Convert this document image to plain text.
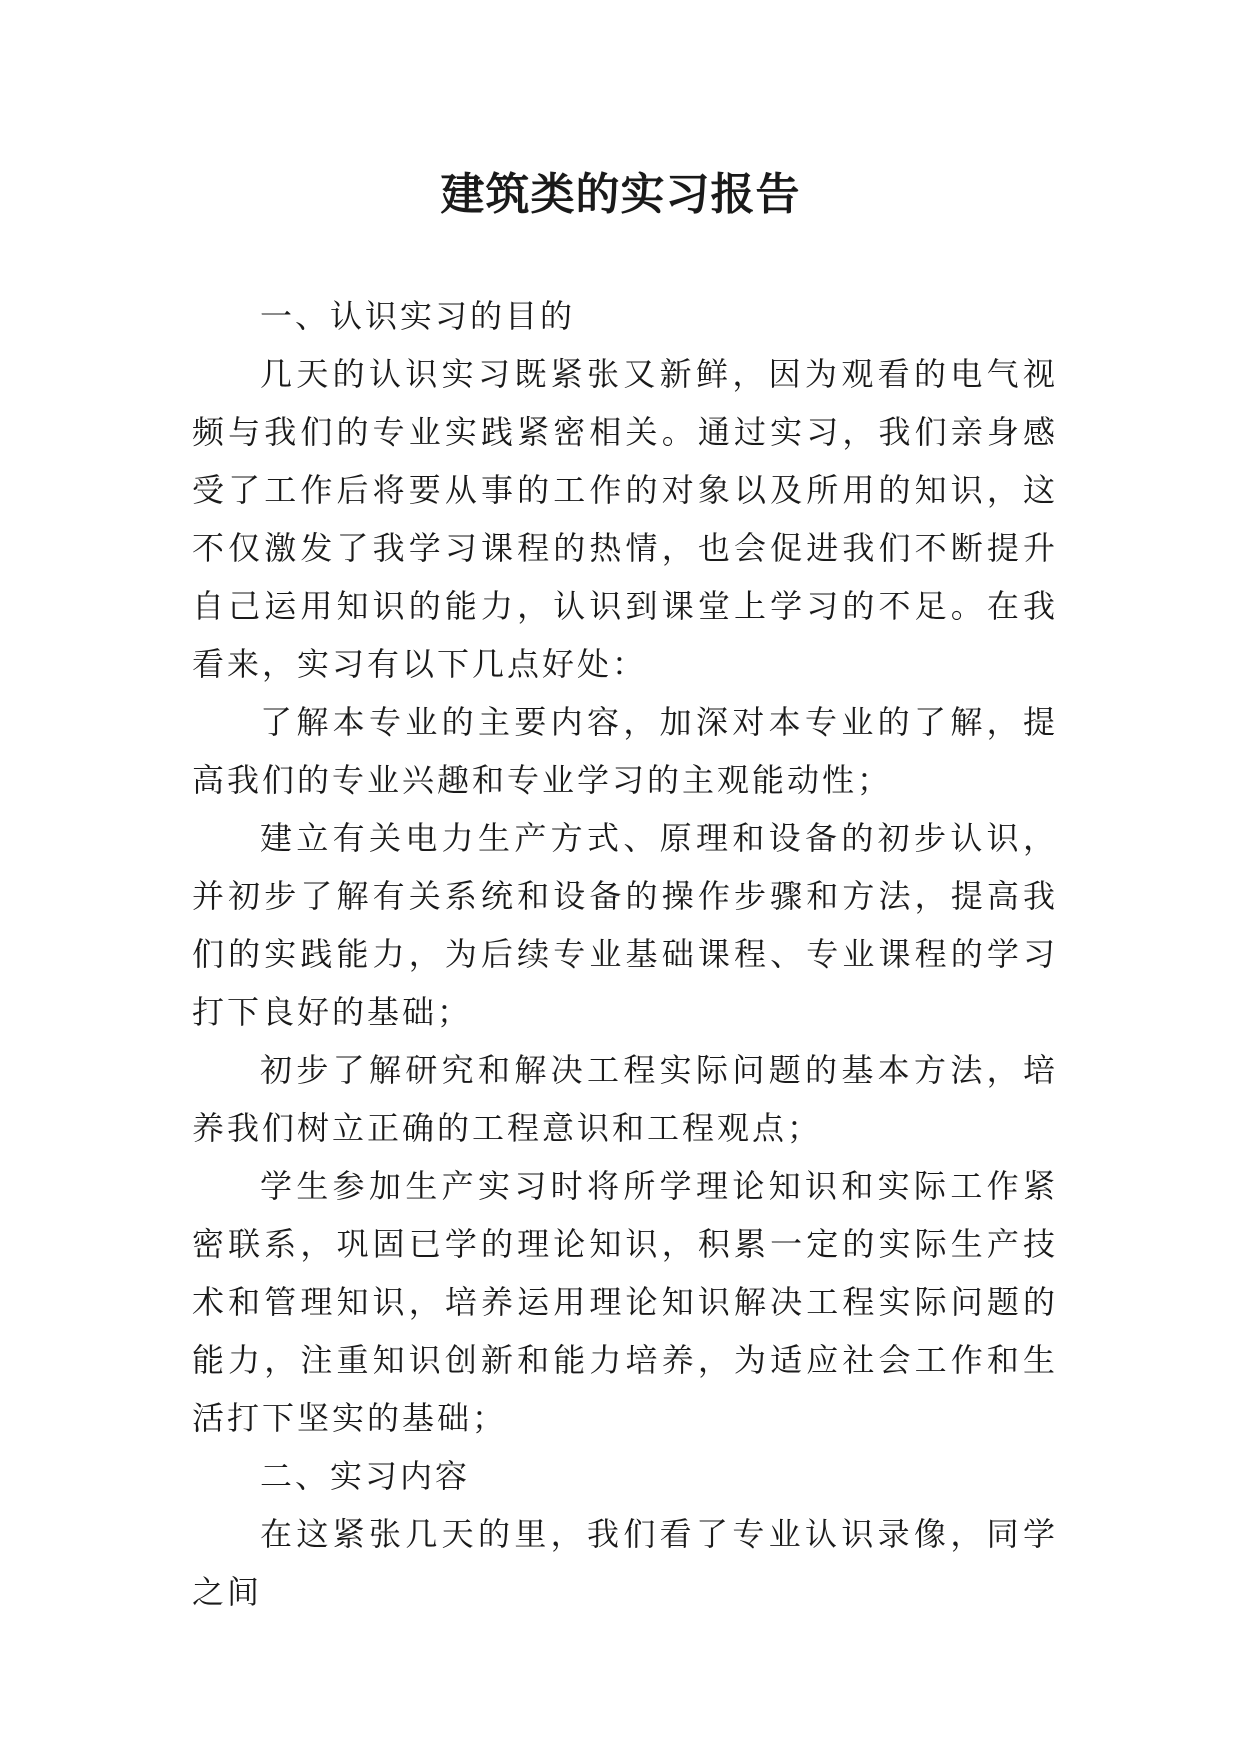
建筑类的实习报告

一、认识实习的目的

几天的认识实习既紧张又新鲜，因为观看的电气视频与我们的专业实践紧密相关。通过实习，我们亲身感受了工作后将要从事的工作的对象以及所用的知识，这不仅激发了我学习课程的热情，也会促进我们不断提升自己运用知识的能力，认识到课堂上学习的不足。在我看来，实习有以下几点好处：

了解本专业的主要内容，加深对本专业的了解，提高我们的专业兴趣和专业学习的主观能动性；

建立有关电力生产方式、原理和设备的初步认识，并初步了解有关系统和设备的操作步骤和方法，提高我们的实践能力，为后续专业基础课程、专业课程的学习打下良好的基础；

初步了解研究和解决工程实际问题的基本方法，培养我们树立正确的工程意识和工程观点；

学生参加生产实习时将所学理论知识和实际工作紧密联系，巩固已学的理论知识，积累一定的实际生产技术和管理知识，培养运用理论知识解决工程实际问题的能力，注重知识创新和能力培养，为适应社会工作和生活打下坚实的基础；

二、实习内容

在这紧张几天的里，我们看了专业认识录像，同学之间
